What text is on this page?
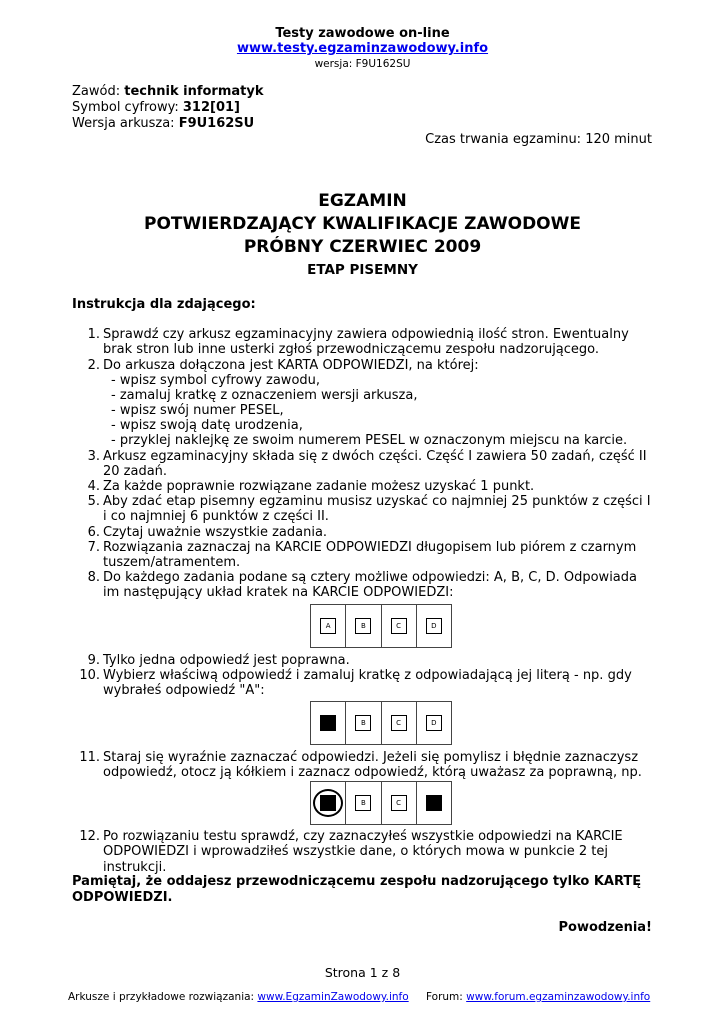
Testy zawodowe on-line
www.testy.egzaminzawodowy.info
wersja: F9U162SU
Zawód: technik informatyk
Symbol cyfrowy: 312[01]
Wersja arkusza: F9U162SU
Czas trwania egzaminu: 120 minut
EGZAMIN
POTWIERDZAJĄCY KWALIFIKACJE ZAWODOWE
PRÓBNY CZERWIEC 2009
ETAP PISEMNY
Instrukcja dla zdającego:
1. Sprawdź czy arkusz egzaminacyjny zawiera odpowiednią ilość stron. Ewentualny brak stron lub inne usterki zgłoś przewodniczącemu zespołu nadzorującego.
2. Do arkusza dołączona jest KARTA ODPOWIEDZI, na której:
- wpisz symbol cyfrowy zawodu,
- zamaluj kratkę z oznaczeniem wersji arkusza,
- wpisz swój numer PESEL,
- wpisz swoją datę urodzenia,
- przyklej naklejkę ze swoim numerem PESEL w oznaczonym miejscu na karcie.
3. Arkusz egzaminacyjny składa się z dwóch części. Część I zawiera 50 zadań, część II 20 zadań.
4. Za każde poprawnie rozwiązane zadanie możesz uzyskać 1 punkt.
5. Aby zdać etap pisemny egzaminu musisz uzyskać co najmniej 25 punktów z części I i co najmniej 6 punktów z części II.
6. Czytaj uważnie wszystkie zadania.
7. Rozwiązania zaznaczaj na KARCIE ODPOWIEDZI długopisem lub piórem z czarnym tuszem/atramentem.
8. Do każdego zadania podane są cztery możliwe odpowiedzi: A, B, C, D. Odpowiada im następujący układ kratek na KARCIE ODPOWIEDZI:
A	B	C	D
9. Tylko jedna odpowiedź jest poprawna.
10. Wybierz właściwą odpowiedź i zamaluj kratkę z odpowiadającą jej literą - np. gdy wybrałeś odpowiedź "A":
A	B	C	D
11. Staraj się wyraźnie zaznaczać odpowiedzi. Jeżeli się pomylisz i błędnie zaznaczysz odpowiedź, otocz ją kółkiem i zaznacz odpowiedź, którą uważasz za poprawną, np.
A	B	C	D
12. Po rozwiązaniu testu sprawdź, czy zaznaczyłeś wszystkie odpowiedzi na KARCIE ODPOWIEDZI i wprowadziłeś wszystkie dane, o których mowa w punkcie 2 tej instrukcji.
Pamiętaj, że oddajesz przewodniczącemu zespołu nadzorującego tylko KARTĘ ODPOWIEDZI.
Powodzenia!
Strona 1 z 8
Arkusze i przykładowe rozwiązania: www.EgzaminZawodowy.info Forum: www.forum.egzaminzawodowy.info
